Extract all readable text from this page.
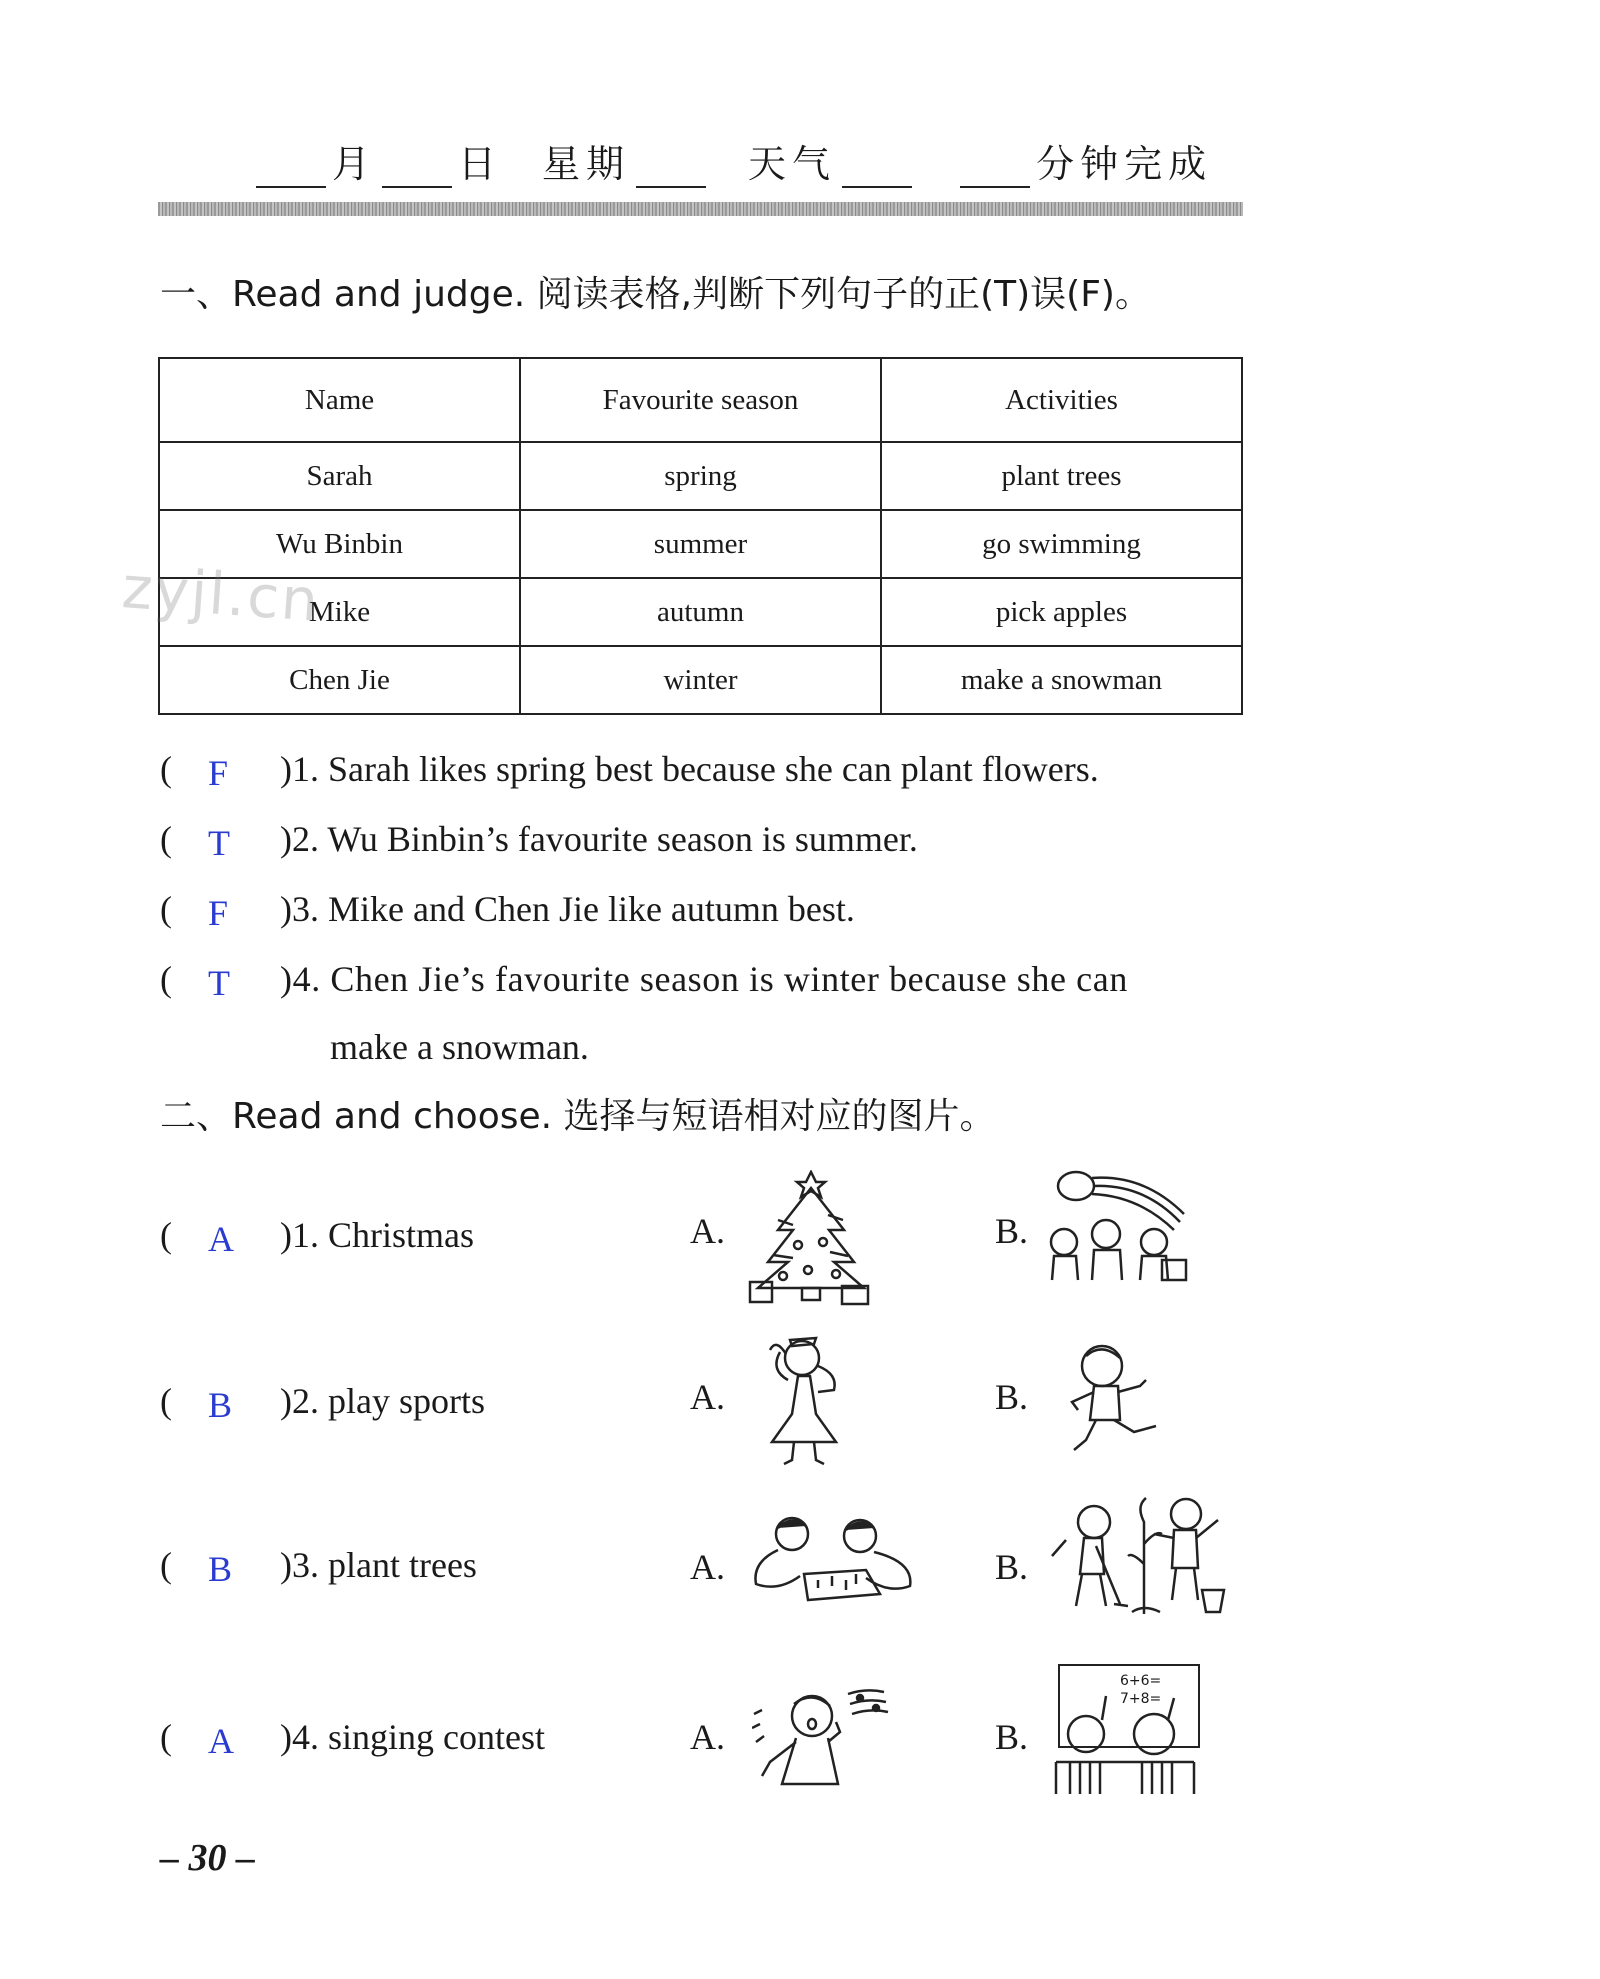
月 日 星期	天气	分钟完成
一、Read and judge. 阅读表格,判断下列句子的正(T)误(F)。
Name	Favourite season	Activities
Sarah	spring	plant trees
Wu Binbin	summer	go swimming
Mike	autumn	pick apples
Chen Jie	winter	make a snowman
zyjl.cn
( F )1. Sarah likes spring best because she can plant flowers.
( T )2. Wu Binbin’s favourite season is summer.
( F )3. Mike and Chen Jie like autumn best.
( T )4. Chen Jie’s favourite season is winter because she can
make a snowman.
二、Read and choose. 选择与短语相对应的图片。
( A )1. Christmas	A.	B.
( B )2. play sports	A.	B.
( B )3. plant trees	A.	B.
( A )4. singing contest	A.	B.
6+6=
7+8=
– 30 –
